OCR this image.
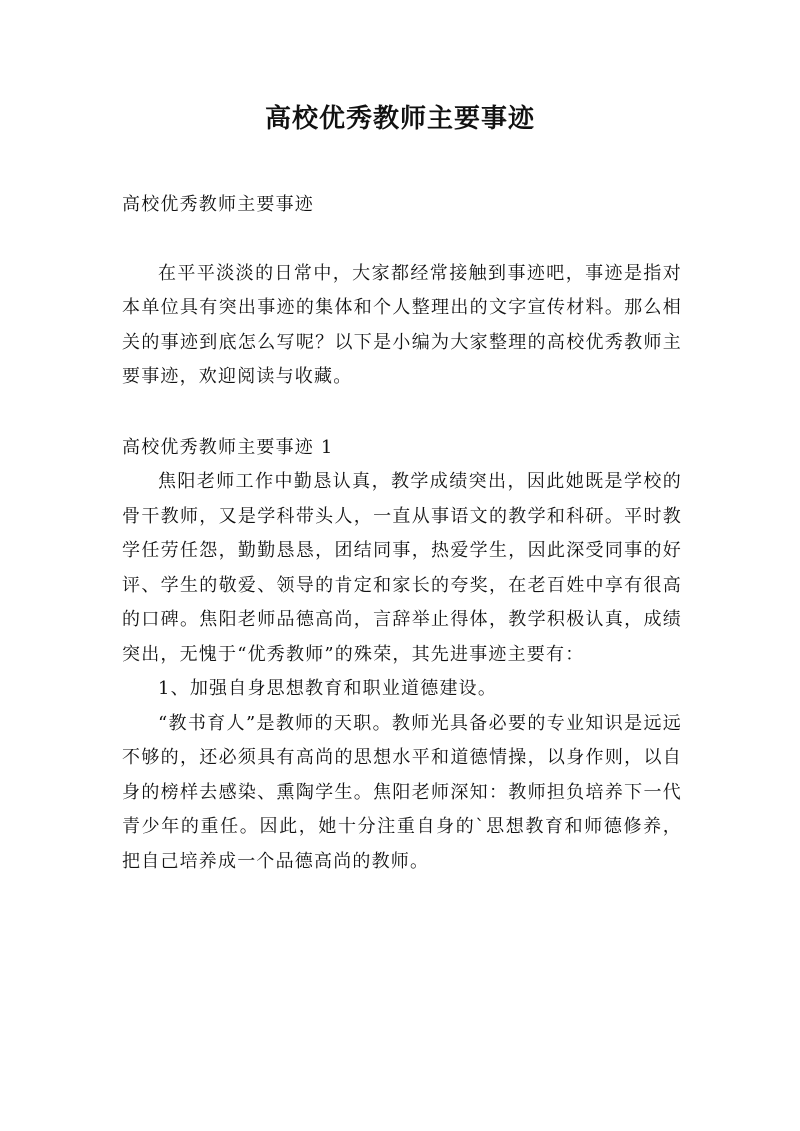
高校优秀教师主要事迹

高校优秀教师主要事迹

在平平淡淡的日常中，大家都经常接触到事迹吧，事迹是指对本单位具有突出事迹的集体和个人整理出的文字宣传材料。那么相关的事迹到底怎么写呢？以下是小编为大家整理的高校优秀教师主要事迹，欢迎阅读与收藏。

高校优秀教师主要事迹 1

焦阳老师工作中勤恳认真，教学成绩突出，因此她既是学校的骨干教师，又是学科带头人，一直从事语文的教学和科研。平时教学任劳任怨，勤勤恳恳，团结同事，热爱学生，因此深受同事的好评、学生的敬爱、领导的肯定和家长的夸奖，在老百姓中享有很高的口碑。焦阳老师品德高尚，言辞举止得体，教学积极认真，成绩突出，无愧于“优秀教师”的殊荣，其先进事迹主要有：

1、加强自身思想教育和职业道德建设。

“教书育人”是教师的天职。教师光具备必要的专业知识是远远不够的，还必须具有高尚的思想水平和道德情操，以身作则，以自身的榜样去感染、熏陶学生。焦阳老师深知：教师担负培养下一代青少年的重任。因此，她十分注重自身的`思想教育和师德修养，把自己培养成一个品德高尚的教师。
